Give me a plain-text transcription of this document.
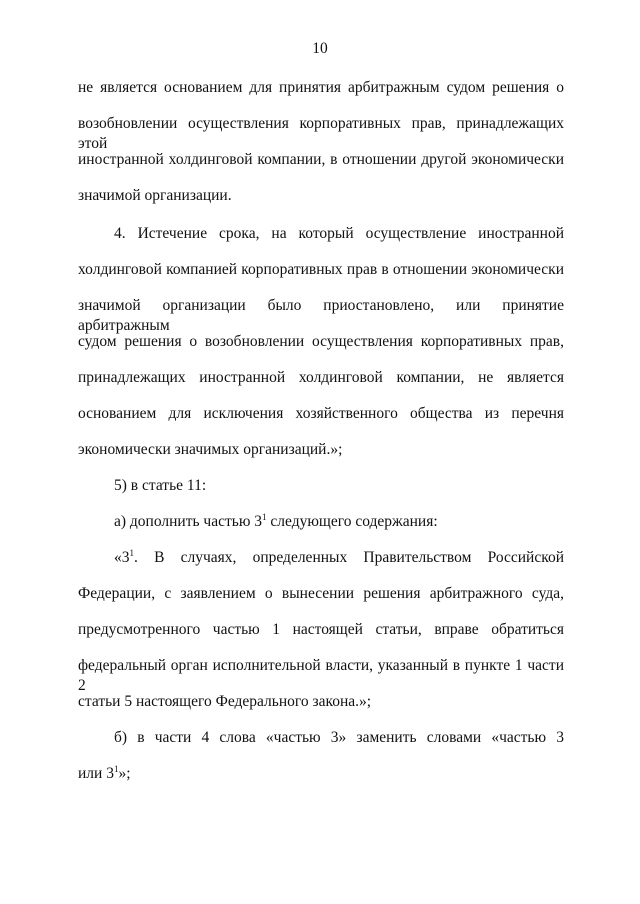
10
не является основанием для принятия арбитражным судом решения о
возобновлении осуществления корпоративных прав, принадлежащих этой
иностранной холдинговой компании, в отношении другой экономически
значимой организации.
4. Истечение срока, на который осуществление иностранной
холдинговой компанией корпоративных прав в отношении экономически
значимой организации было приостановлено, или принятие арбитражным
судом решения о возобновлении осуществления корпоративных прав,
принадлежащих иностранной холдинговой компании, не является
основанием для исключения хозяйственного общества из перечня
экономически значимых организаций.»;
5) в статье 11:
а) дополнить частью $3^1$ следующего содержания:
«$3^1$. В случаях, определенных Правительством Российской
Федерации, с заявлением о вынесении решения арбитражного суда,
предусмотренного частью 1 настоящей статьи, вправе обратиться
федеральный орган исполнительной власти, указанный в пункте 1 части 2
статьи 5 настоящего Федерального закона.»;
б) в части 4 слова «частью 3» заменить словами «частью 3
или $3^1$»;
